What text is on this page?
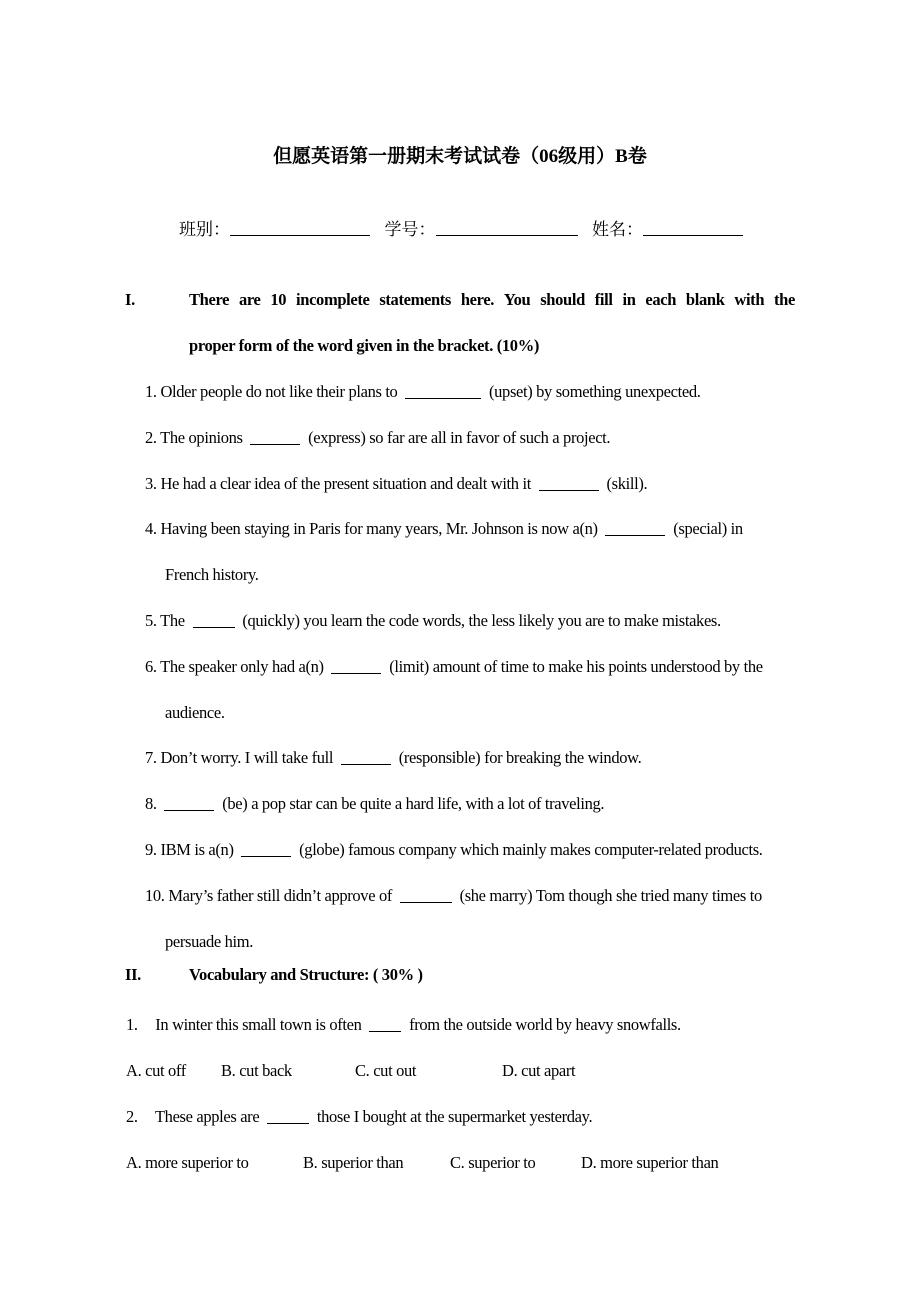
但愿英语第一册期末考试试卷（06级用）B卷
班别：	学号：	姓名：
I.	There are 10 incomplete statements here. You should fill in each blank with the
proper form of the word given in the bracket. (10%)
1. Older people do not like their plans to	(upset) by something unexpected.
2. The opinions	(express) so far are all in favor of such a project.
3. He had a clear idea of the present situation and dealt with it	(skill).
4. Having been staying in Paris for many years, Mr. Johnson is now a(n)	(special) in
French history.
5. The	(quickly) you learn the code words, the less likely you are to make mistakes.
6. The speaker only had a(n)	(limit) amount of time to make his points understood by the
audience.
7. Don’t worry. I will take full	(responsible) for breaking the window.
8.	(be) a pop star can be quite a hard life, with a lot of traveling.
9. IBM is a(n)	(globe) famous company which mainly makes computer-related products.
10. Mary’s father still didn’t approve of	(she marry) Tom though she tried many times to
persuade him.
II.	Vocabulary and Structure: ( 30% )
1. In winter this small town is often	from the outside world by heavy snowfalls.
A. cut off B. cut back	C. cut out	D. cut apart
2. These apples are	those I bought at the supermarket yesterday.
A. more superior to	B. superior than	C. superior to	D. more superior than
